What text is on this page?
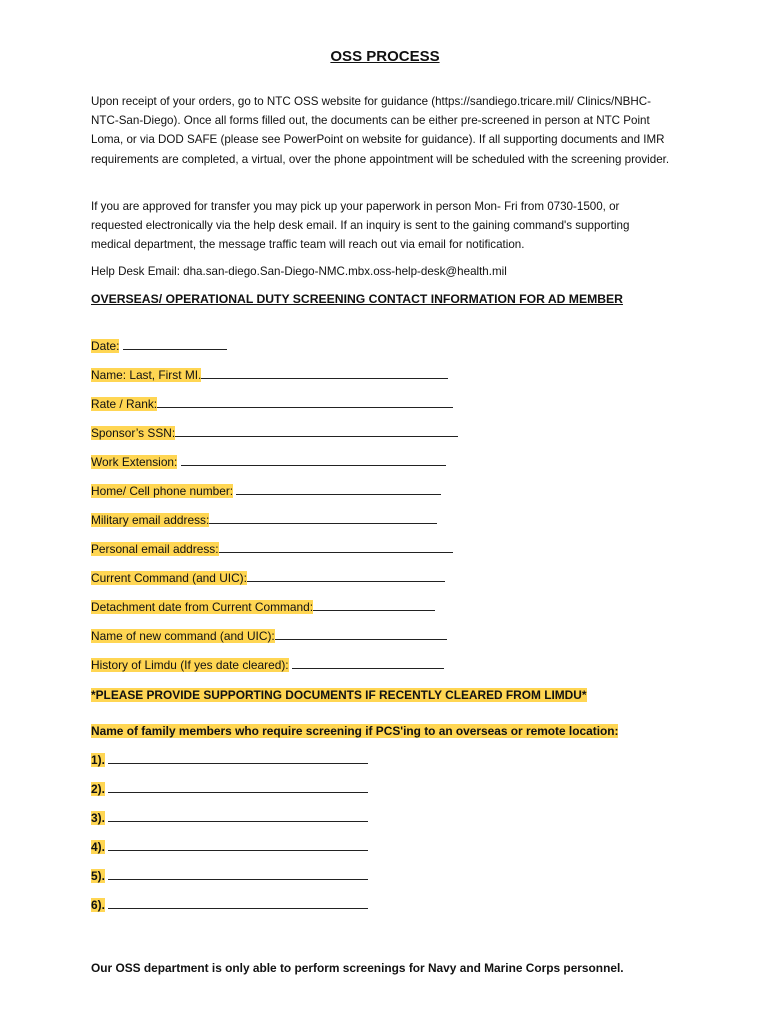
OSS PROCESS
Upon receipt of your orders, go to NTC OSS website for guidance (https://sandiego.tricare.mil/ Clinics/NBHC-NTC-San-Diego). Once all forms filled out, the documents can be either pre-screened in person at NTC Point Loma, or via DOD SAFE (please see PowerPoint on website for guidance). If all supporting documents and IMR requirements are completed, a virtual, over the phone appointment will be scheduled with the screening provider.
If you are approved for transfer you may pick up your paperwork in person Mon- Fri from 0730-1500, or requested electronically via the help desk email. If an inquiry is sent to the gaining command's supporting medical department, the message traffic team will reach out via email for notification.
Help Desk Email: dha.san-diego.San-Diego-NMC.mbx.oss-help-desk@health.mil
OVERSEAS/ OPERATIONAL DUTY SCREENING CONTACT INFORMATION FOR AD MEMBER
Date:
Name: Last, First MI.
Rate / Rank:
Sponsor’s SSN:
Work Extension:
Home/ Cell phone number:
Military email address:
Personal email address:
Current Command (and UIC):
Detachment date from Current Command:
Name of new command (and UIC):
History of Limdu (If yes date cleared):
*PLEASE PROVIDE SUPPORTING DOCUMENTS IF RECENTLY CLEARED FROM LIMDU*
Name of family members who require screening if PCS'ing to an overseas or remote location:
1).
2).
3).
4).
5).
6).
Our OSS department is only able to perform screenings for Navy and Marine Corps personnel.
